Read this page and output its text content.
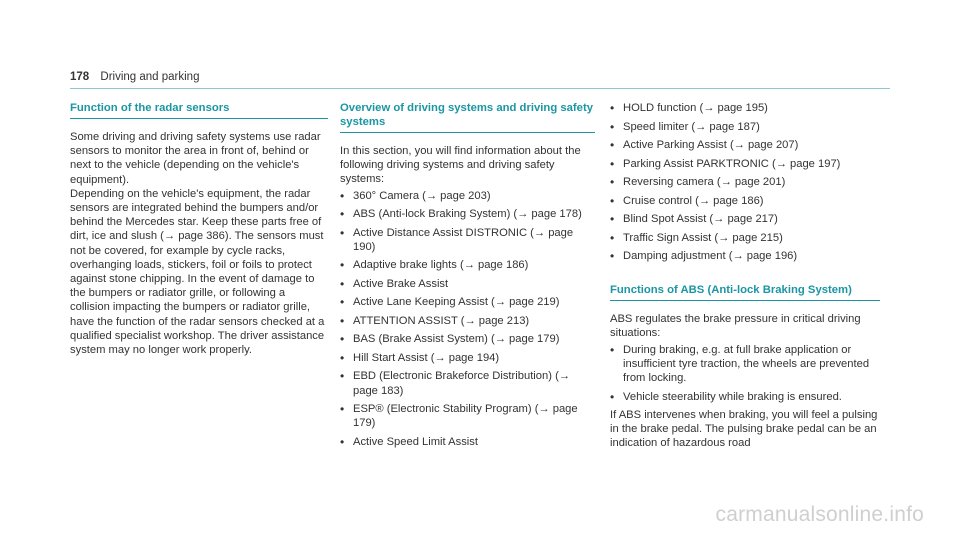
178 Driving and parking
Function of the radar sensors

Some driving and driving safety systems use radar sensors to monitor the area in front of, behind or next to the vehicle (depending on the vehicle's equipment).

Depending on the vehicle's equipment, the radar sensors are integrated behind the bumpers and/or behind the Mercedes star. Keep these parts free of dirt, ice and slush (→ page 386). The sensors must not be covered, for example by cycle racks, overhanging loads, stickers, foil or foils to protect against stone chipping. In the event of damage to the bumpers or radiator grille, or following a collision impacting the bumpers or radiator grille, have the function of the radar sensors checked at a qualified specialist workshop. The driver assistance system may no longer work properly.

Overview of driving systems and driving safety systems

In this section, you will find information about the following driving systems and driving safety systems:

• 360° Camera (→ page 203)
• ABS (Anti-lock Braking System) (→ page 178)
• Active Distance Assist DISTRONIC (→ page 190)
• Adaptive brake lights (→ page 186)
• Active Brake Assist
• Active Lane Keeping Assist (→ page 219)
• ATTENTION ASSIST (→ page 213)
• BAS (Brake Assist System) (→ page 179)
• Hill Start Assist (→ page 194)
• EBD (Electronic Brakeforce Distribution) (→ page 183)
• ESP® (Electronic Stability Program) (→ page 179)
• Active Speed Limit Assist
• HOLD function (→ page 195)
• Speed limiter (→ page 187)
• Active Parking Assist (→ page 207)
• Parking Assist PARKTRONIC (→ page 197)
• Reversing camera (→ page 201)
• Cruise control (→ page 186)
• Blind Spot Assist (→ page 217)
• Traffic Sign Assist (→ page 215)
• Damping adjustment (→ page 196)
Functions of ABS (Anti-lock Braking System)

ABS regulates the brake pressure in critical driving situations:

• During braking, e.g. at full brake application or insufficient tyre traction, the wheels are prevented from locking.
• Vehicle steerability while braking is ensured.

If ABS intervenes when braking, you will feel a pulsing in the brake pedal. The pulsing brake pedal can be an indication of hazardous road

carmanualsonline.info
